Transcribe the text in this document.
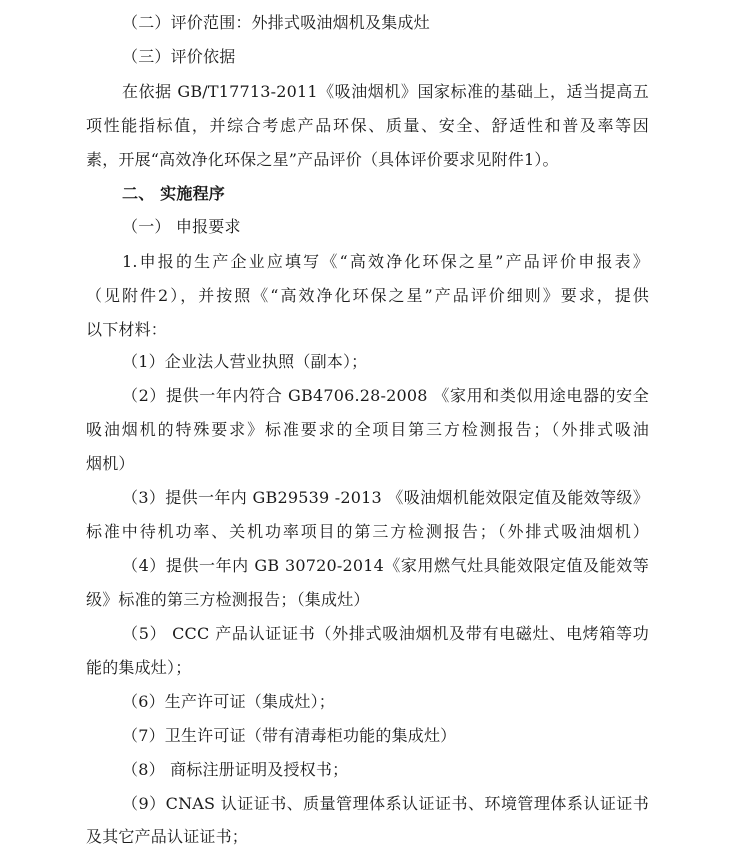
（二）评价范围：外排式吸油烟机及集成灶

（三）评价依据

在依据 GB/T17713-2011《吸油烟机》国家标准的基础上，适当提高五

项性能指标值，并综合考虑产品环保、质量、安全、舒适性和普及率等因

素，开展“高效净化环保之星”产品评价（具体评价要求见附件1）。

二、 实施程序

（一） 申报要求

1.申报的生产企业应填写《“高效净化环保之星”产品评价申报表》

（见附件2），并按照《“高效净化环保之星”产品评价细则》要求，提供

以下材料：

（1）企业法人营业执照（副本）；

（2）提供一年内符合 GB4706.28-2008 《家用和类似用途电器的安全

吸油烟机的特殊要求》标准要求的全项目第三方检测报告；（外排式吸油

烟机）

（3）提供一年内 GB29539 -2013 《吸油烟机能效限定值及能效等级》

标准中待机功率、关机功率项目的第三方检测报告；（外排式吸油烟机）

（4）提供一年内 GB 30720-2014《家用燃气灶具能效限定值及能效等

级》标准的第三方检测报告；（集成灶）

（5） CCC 产品认证证书（外排式吸油烟机及带有电磁灶、电烤箱等功

能的集成灶）；

（6）生产许可证（集成灶）；

（7）卫生许可证（带有清毒柜功能的集成灶）

（8） 商标注册证明及授权书；

（9）CNAS 认证证书、质量管理体系认证证书、环境管理体系认证证书

及其它产品认证证书；
